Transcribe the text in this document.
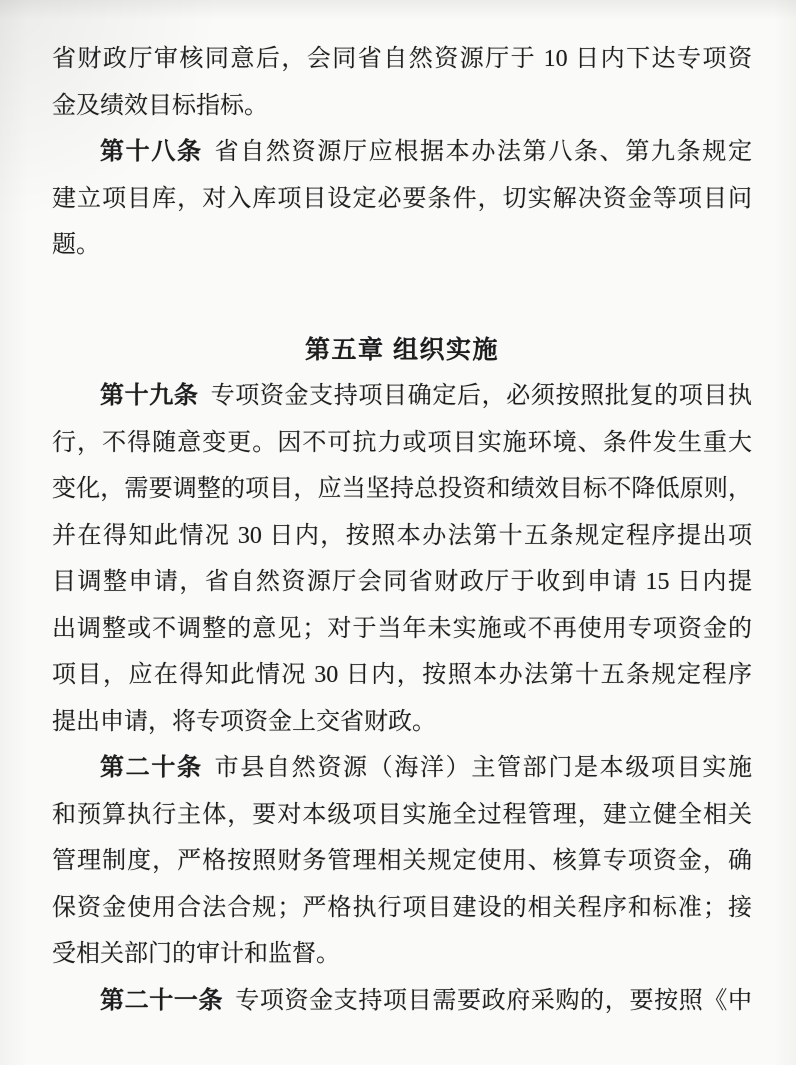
省财政厅审核同意后，会同省自然资源厅于 10 日内下达专项资
金及绩效目标指标。
第十八条 省自然资源厅应根据本办法第八条、第九条规定
建立项目库，对入库项目设定必要条件，切实解决资金等项目问
题。
第五章 组织实施
第十九条 专项资金支持项目确定后，必须按照批复的项目执
行，不得随意变更。因不可抗力或项目实施环境、条件发生重大
变化，需要调整的项目，应当坚持总投资和绩效目标不降低原则，
并在得知此情况 30 日内，按照本办法第十五条规定程序提出项
目调整申请，省自然资源厅会同省财政厅于收到申请 15 日内提
出调整或不调整的意见；对于当年未实施或不再使用专项资金的
项目，应在得知此情况 30 日内，按照本办法第十五条规定程序
提出申请，将专项资金上交省财政。
第二十条 市县自然资源（海洋）主管部门是本级项目实施
和预算执行主体，要对本级项目实施全过程管理，建立健全相关
管理制度，严格按照财务管理相关规定使用、核算专项资金，确
保资金使用合法合规；严格执行项目建设的相关程序和标准；接
受相关部门的审计和监督。
第二十一条 专项资金支持项目需要政府采购的，要按照《中
